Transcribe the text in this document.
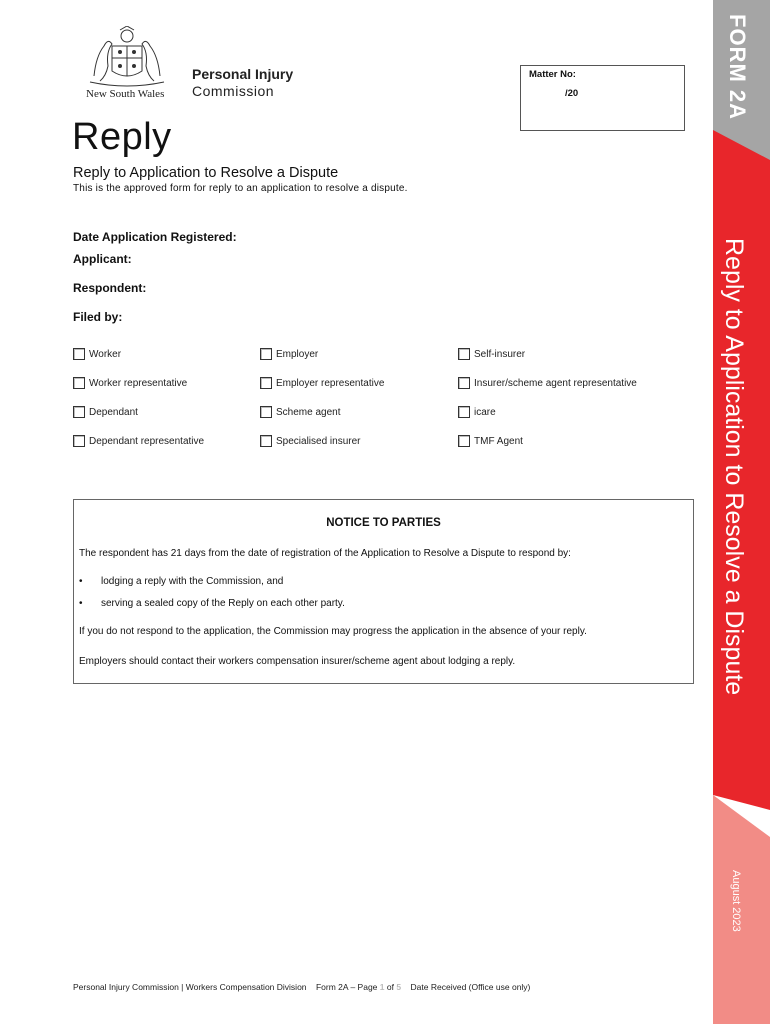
New South Wales
Personal Injury
Commission
Matter No:
/20
Reply
Reply to Application to Resolve a Dispute
This is the approved form for reply to an application to resolve a dispute.
Date Application Registered:
Applicant:
Respondent:
Filed by:
Worker	Employer	Self-insurer
Worker representative	Employer representative	Insurer/scheme agent representative
Dependant	Scheme agent	icare
Dependant representative	Specialised insurer	TMF Agent
NOTICE TO PARTIES
The respondent has 21 days from the date of registration of the Application to Resolve a Dispute to respond by:
•	lodging a reply with the Commission, and
•	serving a sealed copy of the Reply on each other party.
If you do not respond to the application, the Commission may progress the application in the absence of your reply.
Employers should contact their workers compensation insurer/scheme agent about lodging a reply.
FORM 2A
Reply to Application to Resolve a Dispute
August 2023
Personal Injury Commission | Workers Compensation Division Form 2A – Page 1 of 5 Date Received (Office use only)
